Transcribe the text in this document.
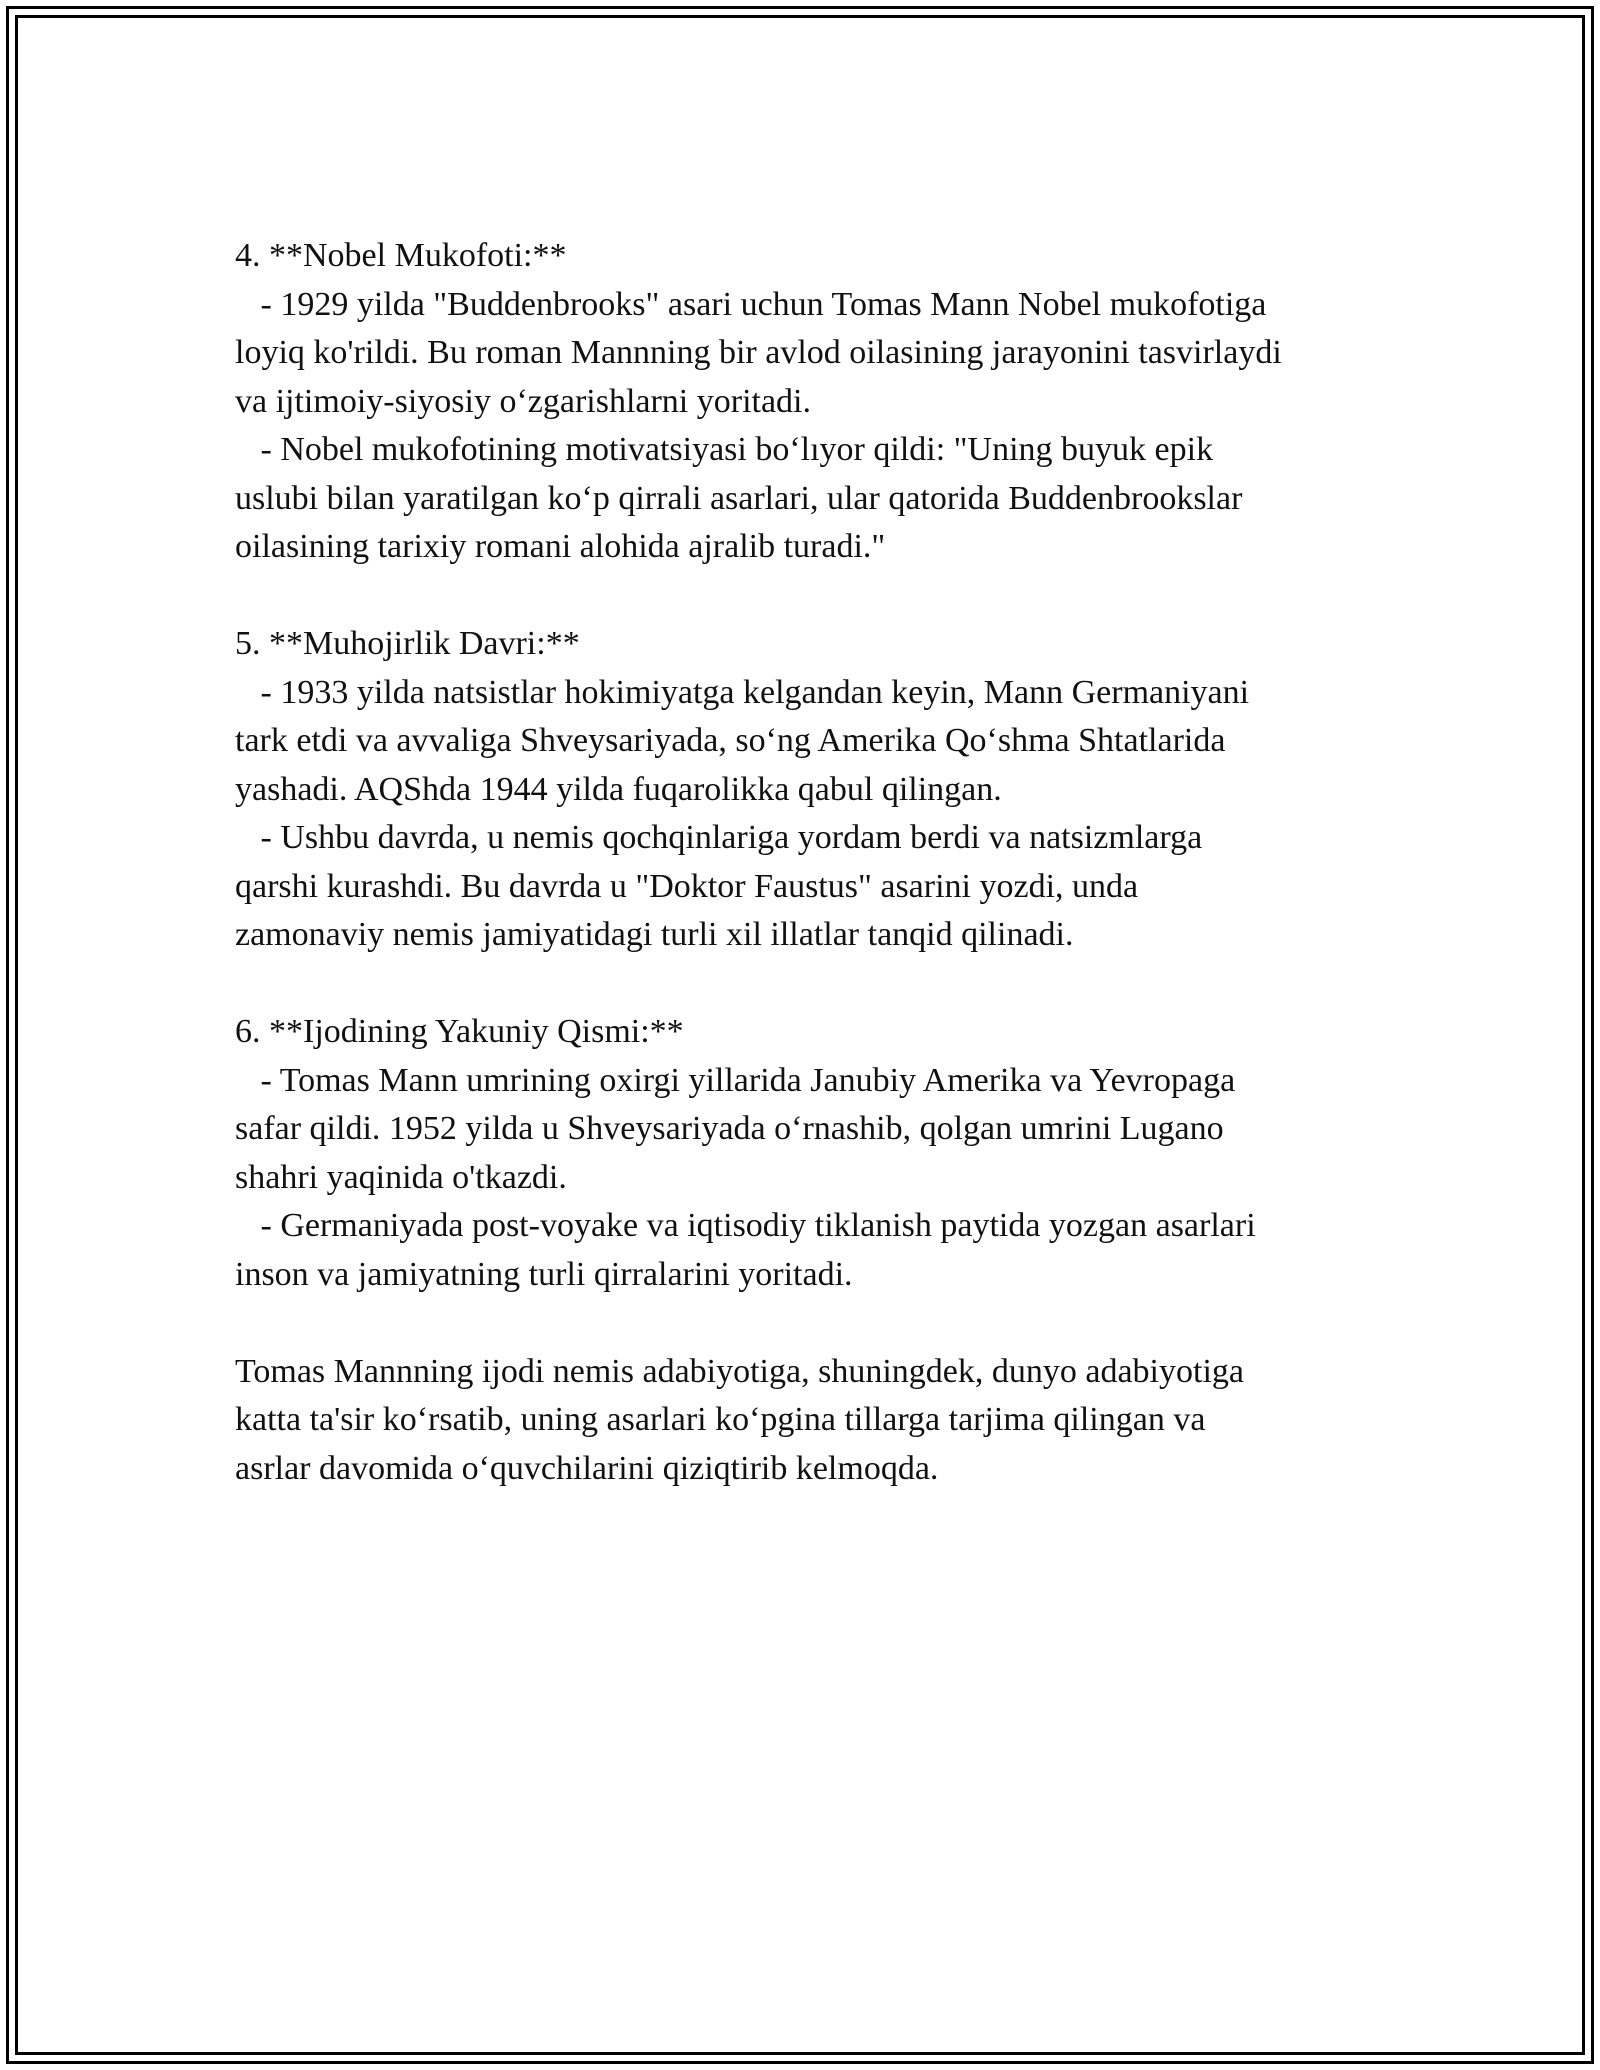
4. **Nobel Mukofoti:**
- 1929 yilda "Buddenbrooks" asari uchun Tomas Mann Nobel mukofotiga
loyiq ko'rildi. Bu roman Mannning bir avlod oilasining jarayonini tasvirlaydi
va ijtimoiy-siyosiy oʻzgarishlarni yoritadi.
- Nobel mukofotining motivatsiyasi boʻlıyor qildi: "Uning buyuk epik
uslubi bilan yaratilgan koʻp qirrali asarlari, ular qatorida Buddenbrookslar
oilasining tarixiy romani alohida ajralib turadi."
5. **Muhojirlik Davri:**
- 1933 yilda natsistlar hokimiyatga kelgandan keyin, Mann Germaniyani
tark etdi va avvaliga Shveysariyada, soʻng Amerika Qoʻshma Shtatlarida
yashadi. AQShda 1944 yilda fuqarolikka qabul qilingan.
- Ushbu davrda, u nemis qochqinlariga yordam berdi va natsizmlarga
qarshi kurashdi. Bu davrda u "Doktor Faustus" asarini yozdi, unda
zamonaviy nemis jamiyatidagi turli xil illatlar tanqid qilinadi.
6. **Ijodining Yakuniy Qismi:**
- Tomas Mann umrining oxirgi yillarida Janubiy Amerika va Yevropaga
safar qildi. 1952 yilda u Shveysariyada oʻrnashib, qolgan umrini Lugano
shahri yaqinida o'tkazdi.
- Germaniyada post-voyake va iqtisodiy tiklanish paytida yozgan asarlari
inson va jamiyatning turli qirralarini yoritadi.
Tomas Mannning ijodi nemis adabiyotiga, shuningdek, dunyo adabiyotiga
katta ta'sir koʻrsatib, uning asarlari koʻpgina tillarga tarjima qilingan va
asrlar davomida oʻquvchilarini qiziqtirib kelmoqda.
